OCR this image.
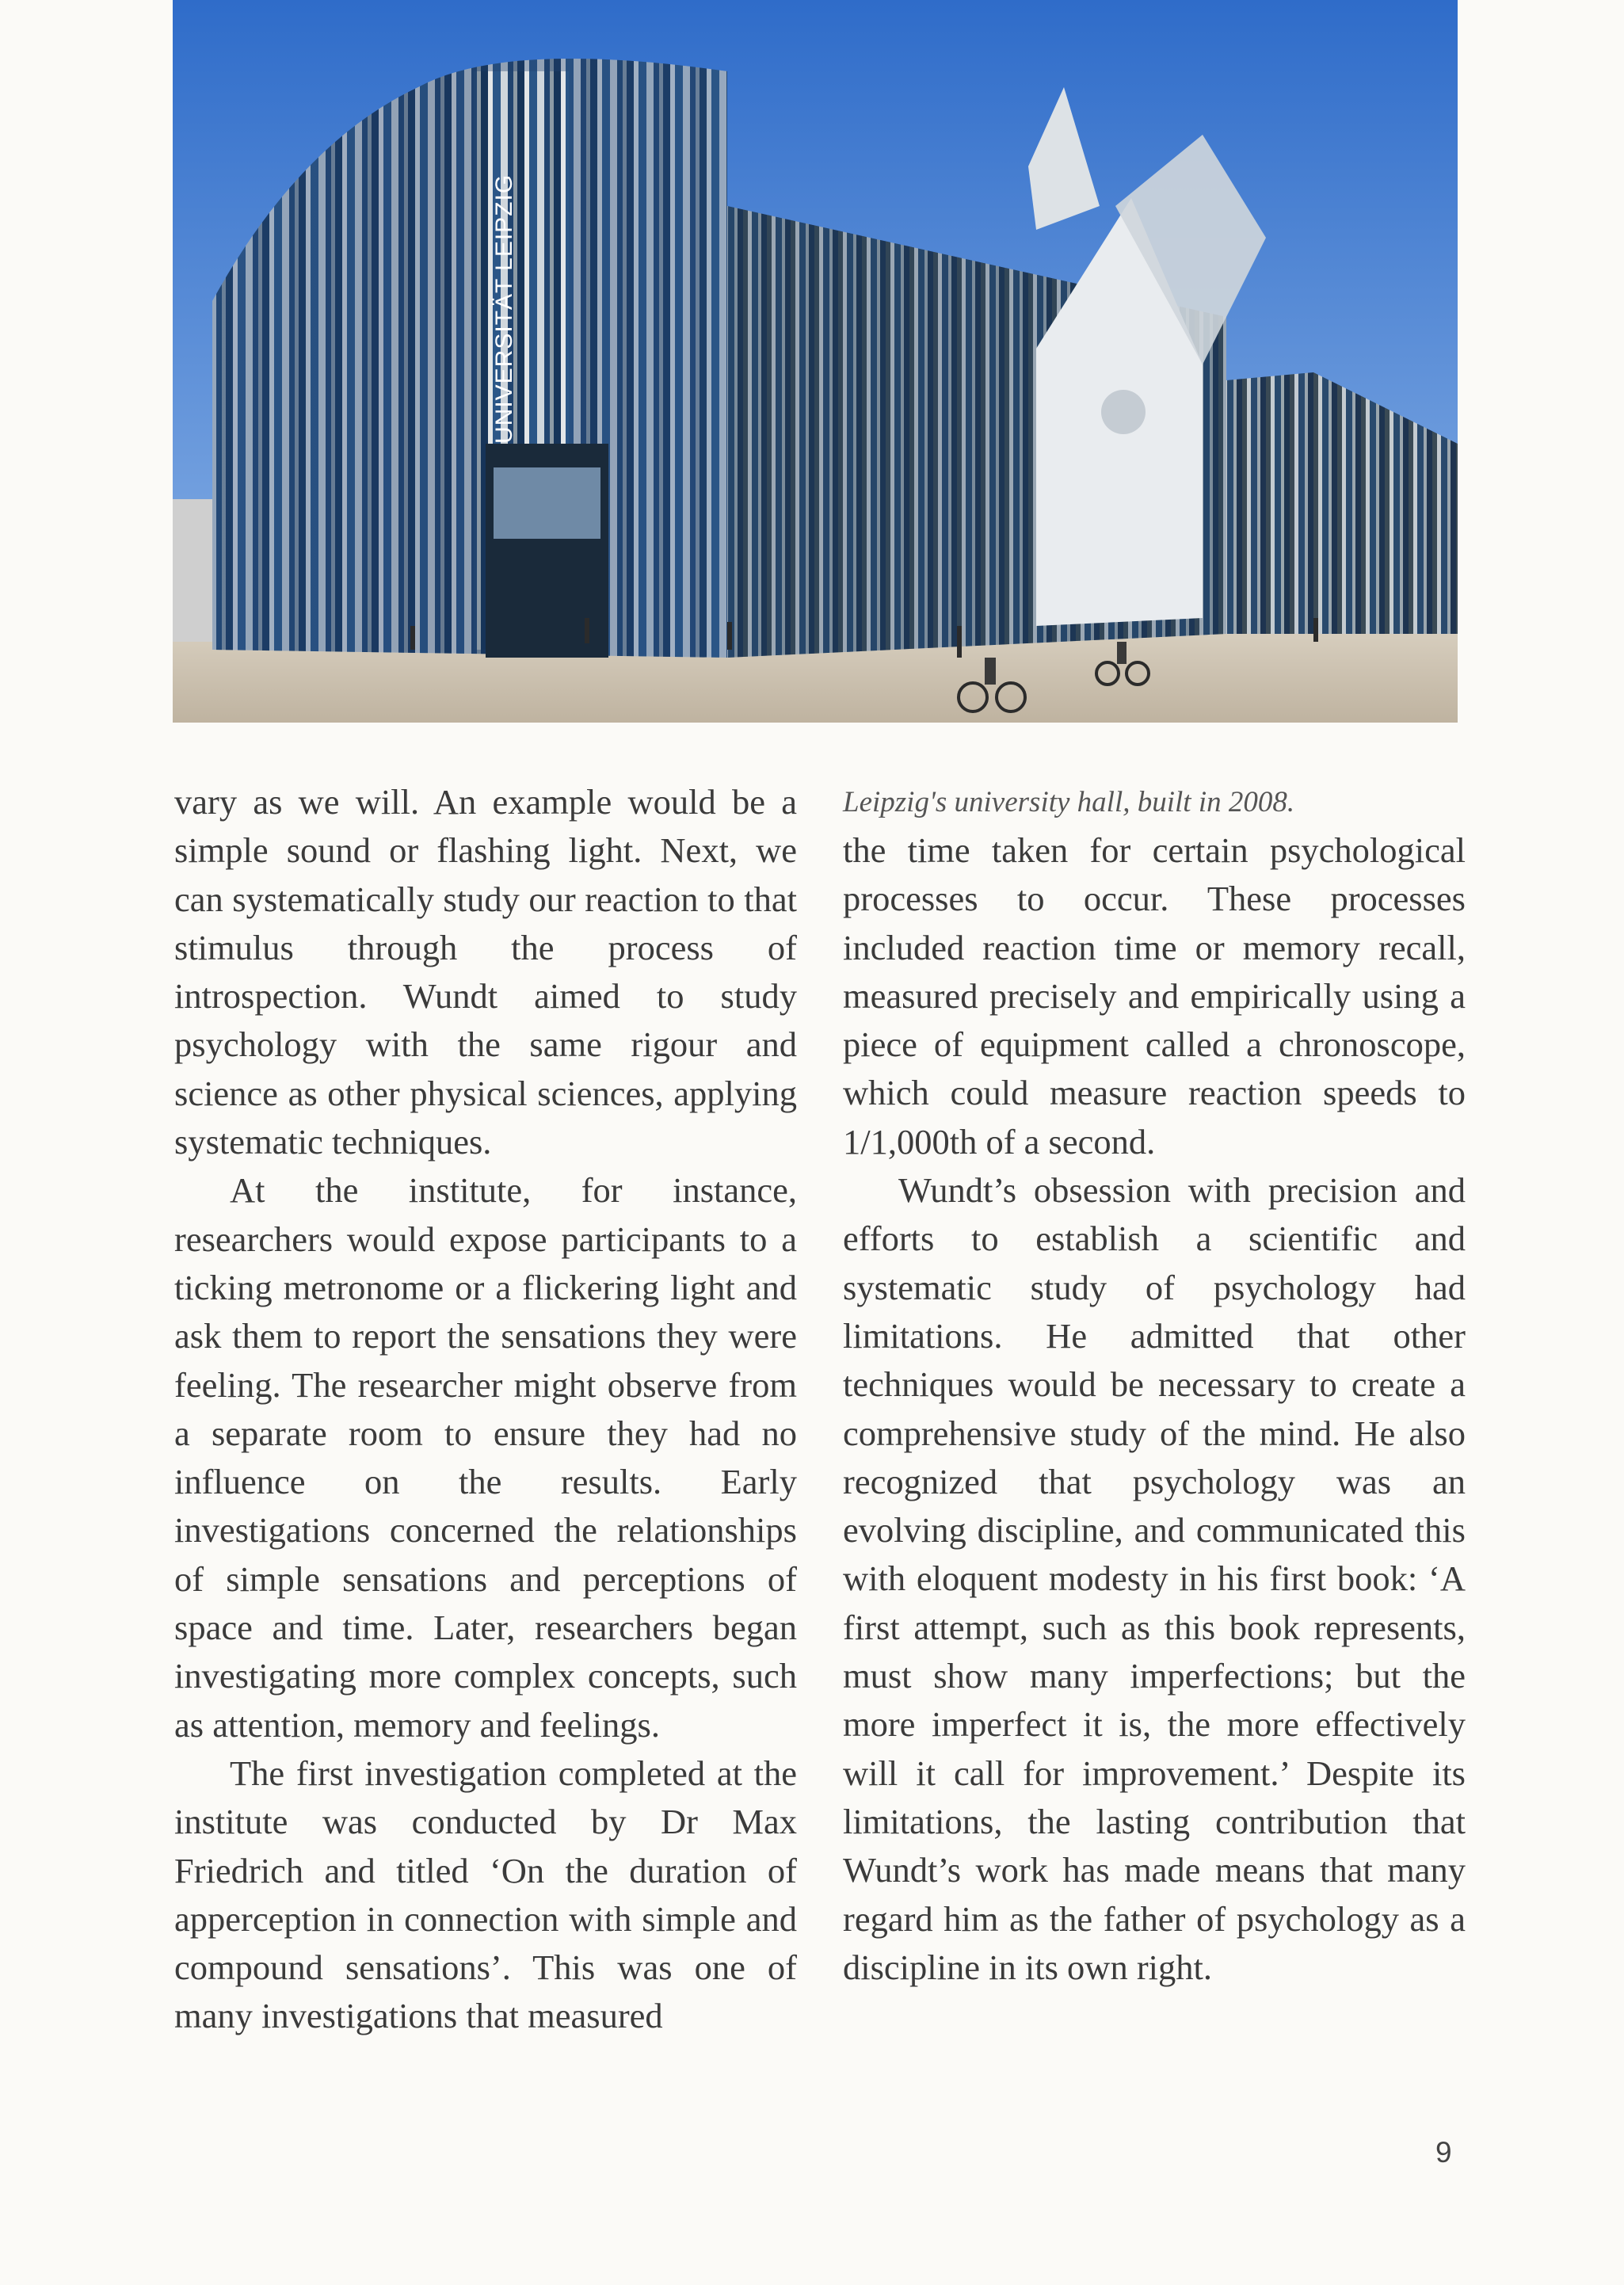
UNIVERSITÄT LEIPZIG

vary as we will. An example would be a simple sound or flashing light. Next, we can systematically study our reaction to that stimulus through the process of introspection. Wundt aimed to study psychology with the same rigour and science as other physical sciences, applying systematic techniques.

At the institute, for instance, researchers would expose participants to a ticking metronome or a flickering light and ask them to report the sensations they were feeling. The researcher might observe from a separate room to ensure they had no influence on the results. Early investigations concerned the relationships of simple sensations and perceptions of space and time. Later, researchers began investigating more complex concepts, such as attention, memory and feelings.

The first investigation completed at the institute was conducted by Dr Max Friedrich and titled ‘On the duration of apperception in connection with simple and compound sensations’. This was one of many investigations that measured

Leipzig's university hall, built in 2008.

the time taken for certain psychological processes to occur. These processes included reaction time or memory recall, measured precisely and empirically using a piece of equipment called a chronoscope, which could measure reaction speeds to 1/1,000th of a second.

Wundt’s obsession with precision and efforts to establish a scientific and systematic study of psychology had limitations. He admitted that other techniques would be necessary to create a comprehensive study of the mind. He also recognized that psychology was an evolving discipline, and communicated this with eloquent modesty in his first book: ‘A first attempt, such as this book represents, must show many imperfections; but the more imperfect it is, the more effectively will it call for improvement.’ Despite its limitations, the lasting contribution that Wundt’s work has made means that many regard him as the father of psychology as a discipline in its own right.

9
